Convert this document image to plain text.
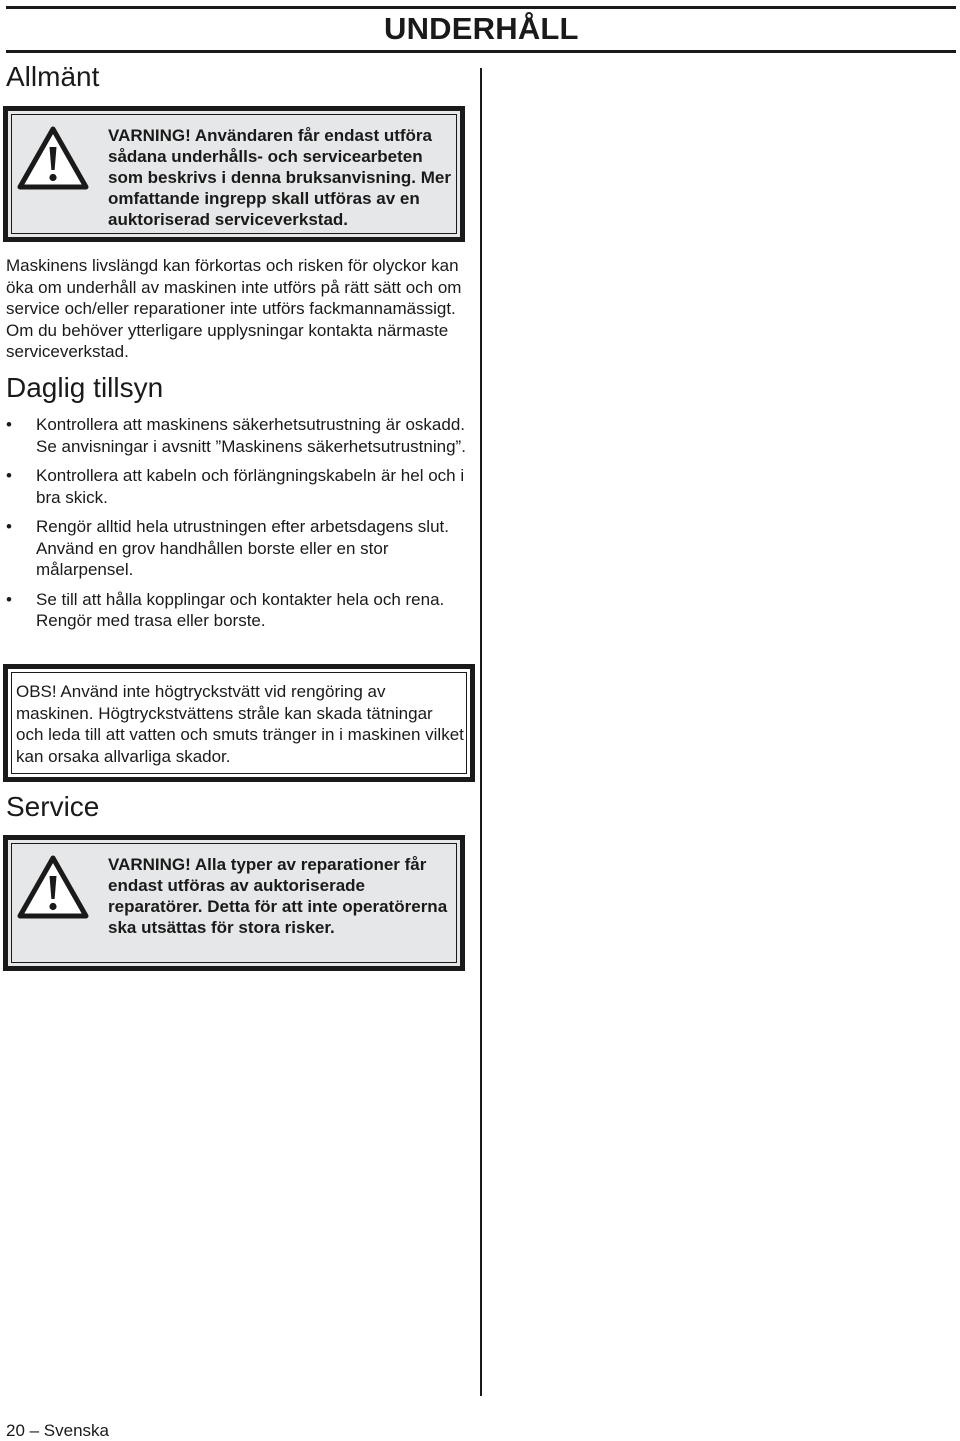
UNDERHÅLL
Allmänt

VARNING! Användaren får endast utföra sådana underhålls- och servicearbeten som beskrivs i denna bruksanvisning. Mer omfattande ingrepp skall utföras av en auktoriserad serviceverkstad.

Maskinens livslängd kan förkortas och risken för olyckor kan öka om underhåll av maskinen inte utförs på rätt sätt och om service och/eller reparationer inte utförs fackmannamässigt. Om du behöver ytterligare upplysningar kontakta närmaste serviceverkstad.

Daglig tillsyn
• Kontrollera att maskinens säkerhetsutrustning är oskadd. Se anvisningar i avsnitt ”Maskinens säkerhetsutrustning”.
• Kontrollera att kabeln och förlängningskabeln är hel och i bra skick.
• Rengör alltid hela utrustningen efter arbetsdagens slut. Använd en grov handhållen borste eller en stor målarpensel.
• Se till att hålla kopplingar och kontakter hela och rena. Rengör med trasa eller borste.

OBS! Använd inte högtryckstvätt vid rengöring av maskinen. Högtryckstvättens stråle kan skada tätningar och leda till att vatten och smuts tränger in i maskinen vilket kan orsaka allvarliga skador.

Service

VARNING! Alla typer av reparationer får endast utföras av auktoriserade reparatörer. Detta för att inte operatörerna ska utsättas för stora risker.

20 – Svenska
